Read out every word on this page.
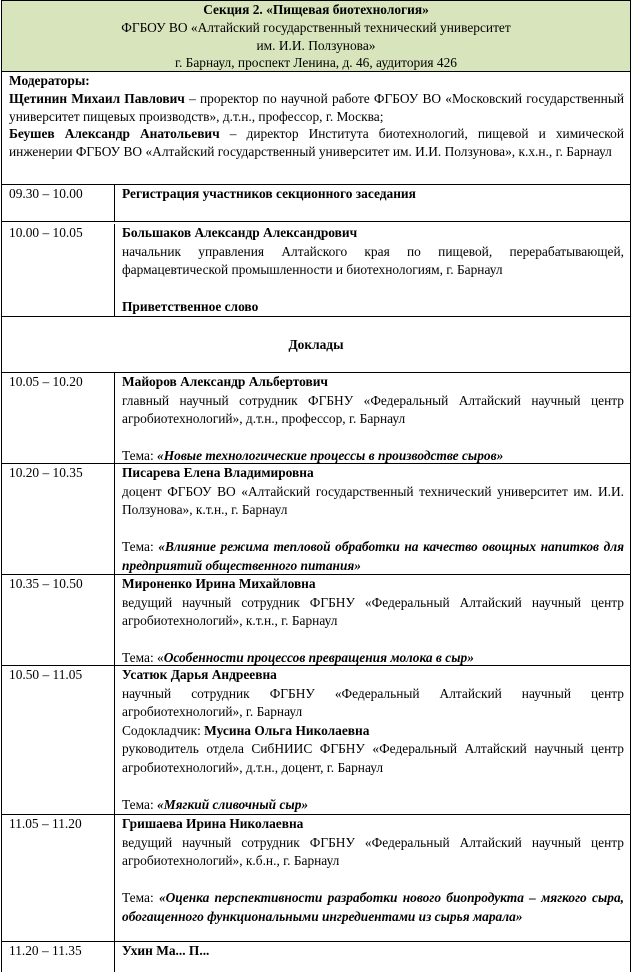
Секция 2. «Пищевая биотехнология»
ФГБОУ ВО «Алтайский государственный технический университет
им. И.И. Ползунова»
г. Барнаул, проспект Ленина, д. 46, аудитория 426

Модераторы:

Щетинин Михаил Павлович – проректор по научной работе ФГБОУ ВО «Московский государственный университет пищевых производств», д.т.н., профессор, г. Москва;

Беушев Александр Анатольевич – директор Института биотехнологий, пищевой и химической инженерии ФГБОУ ВО «Алтайский государственный университет им. И.И. Ползунова», к.х.н., г. Барнаул

09.30 – 10.00	Регистрация участников секционного заседания
10.00 – 10.05	Большаков Александр Александрович
начальник управления Алтайского края по пищевой, перерабатывающей, фармацевтической промышленности и биотехнологиям, г. Барнаул
Приветственное слово
Доклады
10.05 – 10.20	Майоров Александр Альбертович
главный научный сотрудник ФГБНУ «Федеральный Алтайский научный центр агробиотехнологий», д.т.н., профессор, г. Барнаул
Тема: «Новые технологические процессы в производстве сыров»
10.20 – 10.35	Писарева Елена Владимировна
доцент ФГБОУ ВО «Алтайский государственный технический университет им. И.И. Ползунова», к.т.н., г. Барнаул
Тема: «Влияние режима тепловой обработки на качество овощных напитков для предприятий общественного питания»
10.35 – 10.50	Мироненко Ирина Михайловна
ведущий научный сотрудник ФГБНУ «Федеральный Алтайский научный центр агробиотехнологий», к.т.н., г. Барнаул
Тема: «Особенности процессов превращения молока в сыр»
10.50 – 11.05	Усатюк Дарья Андреевна
научный сотрудник ФГБНУ «Федеральный Алтайский научный центр агробиотехнологий», г. Барнаул
Содокладчик: Мусина Ольга Николаевна
руководитель отдела СибНИИС ФГБНУ «Федеральный Алтайский научный центр агробиотехнологий», д.т.н., доцент, г. Барнаул
Тема: «Мягкий сливочный сыр»
11.05 – 11.20	Гришаева Ирина Николаевна
ведущий научный сотрудник ФГБНУ «Федеральный Алтайский научный центр агробиотехнологий», к.б.н., г. Барнаул
Тема: «Оценка перспективности разработки нового биопродукта – мягкого сыра, обогащенного функциональными ингредиентами из сырья марала»
11.20 – 11.35	Ухин Ма... П...
